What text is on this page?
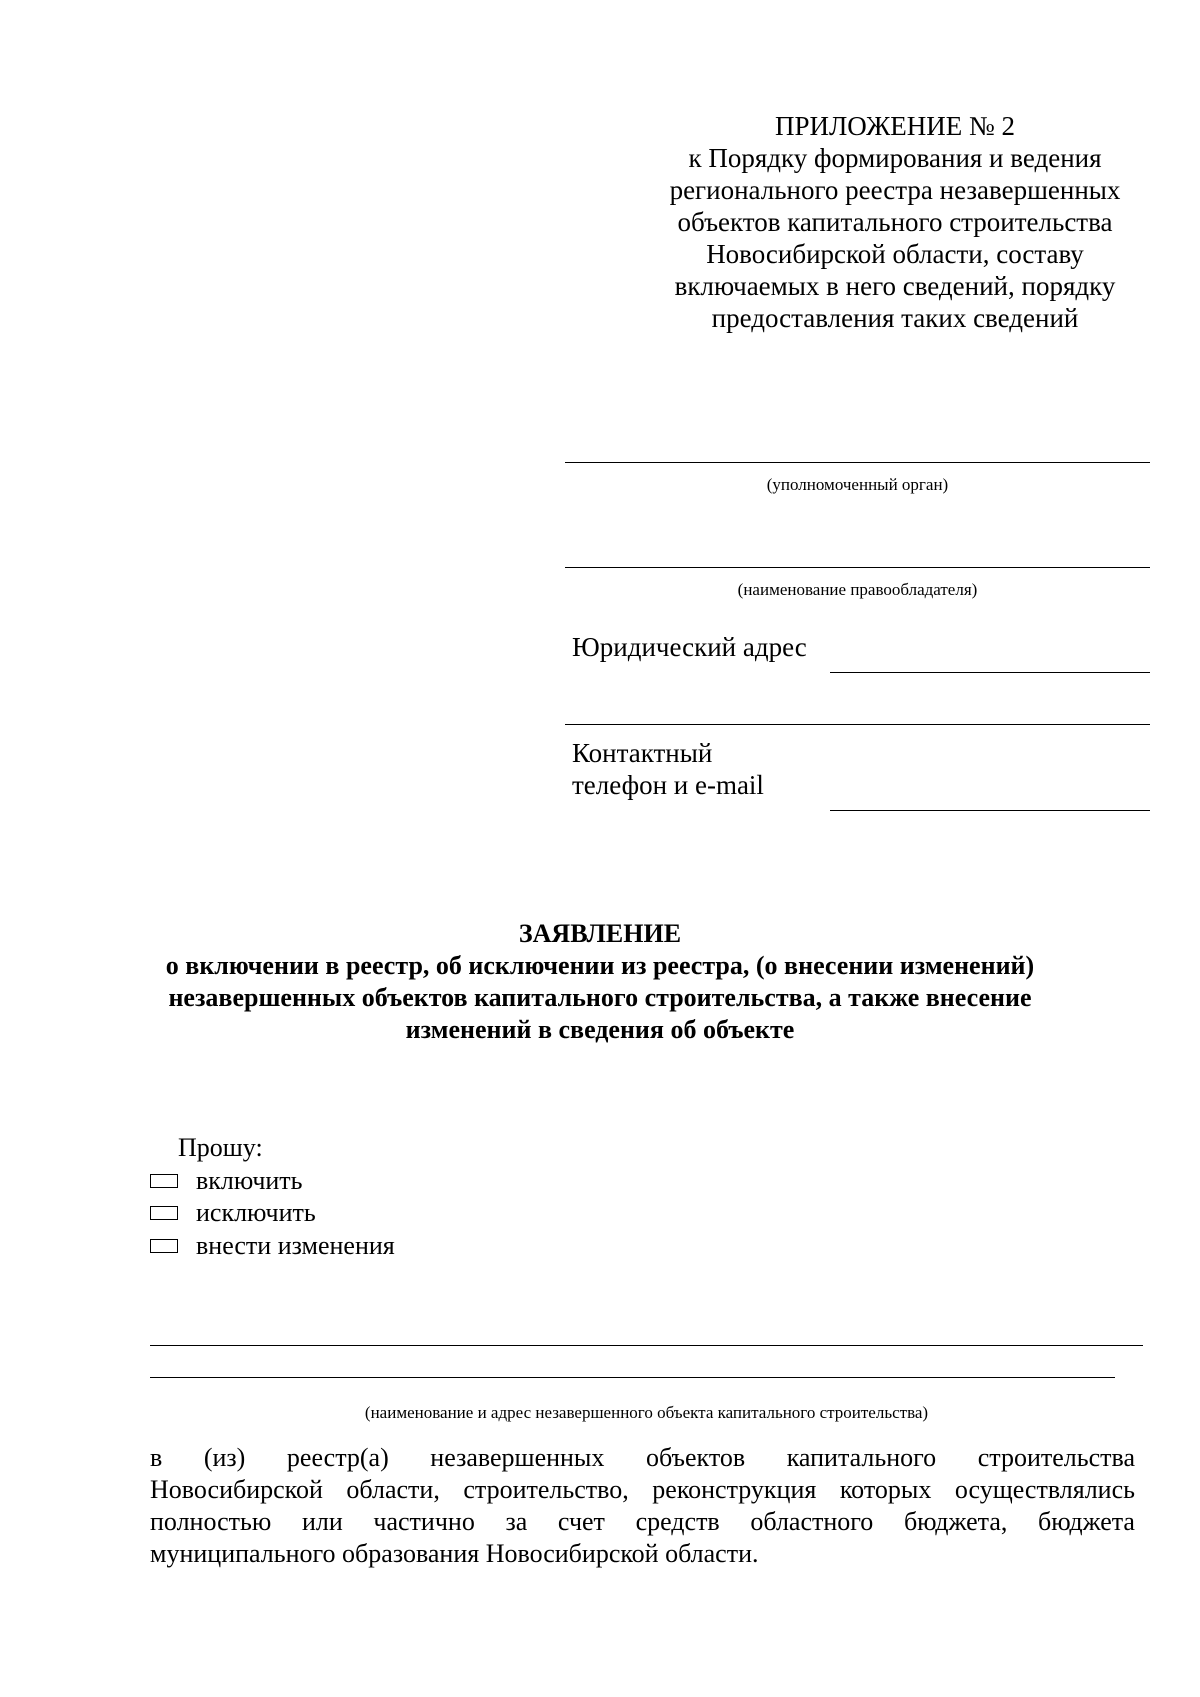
ПРИЛОЖЕНИЕ № 2
к Порядку формирования и ведения
регионального реестра незавершенных
объектов капитального строительства
Новосибирской области, составу
включаемых в него сведений, порядку
предоставления таких сведений
(уполномоченный орган)
(наименование правообладателя)
Юридический адрес
Контактный
телефон и e-mail
ЗАЯВЛЕНИЕ
о включении в реестр, об исключении из реестра, (о внесении изменений)
незавершенных объектов капитального строительства, а также внесение
изменений в сведения об объекте
Прошу:
включить
исключить
внести изменения
(наименование и адрес незавершенного объекта капитального строительства)
в (из) реестр(а) незавершенных объектов капитального строительства
Новосибирской области, строительство, реконструкция которых осуществлялись
полностью или частично за счет средств областного бюджета, бюджета
муниципального образования Новосибирской области.
